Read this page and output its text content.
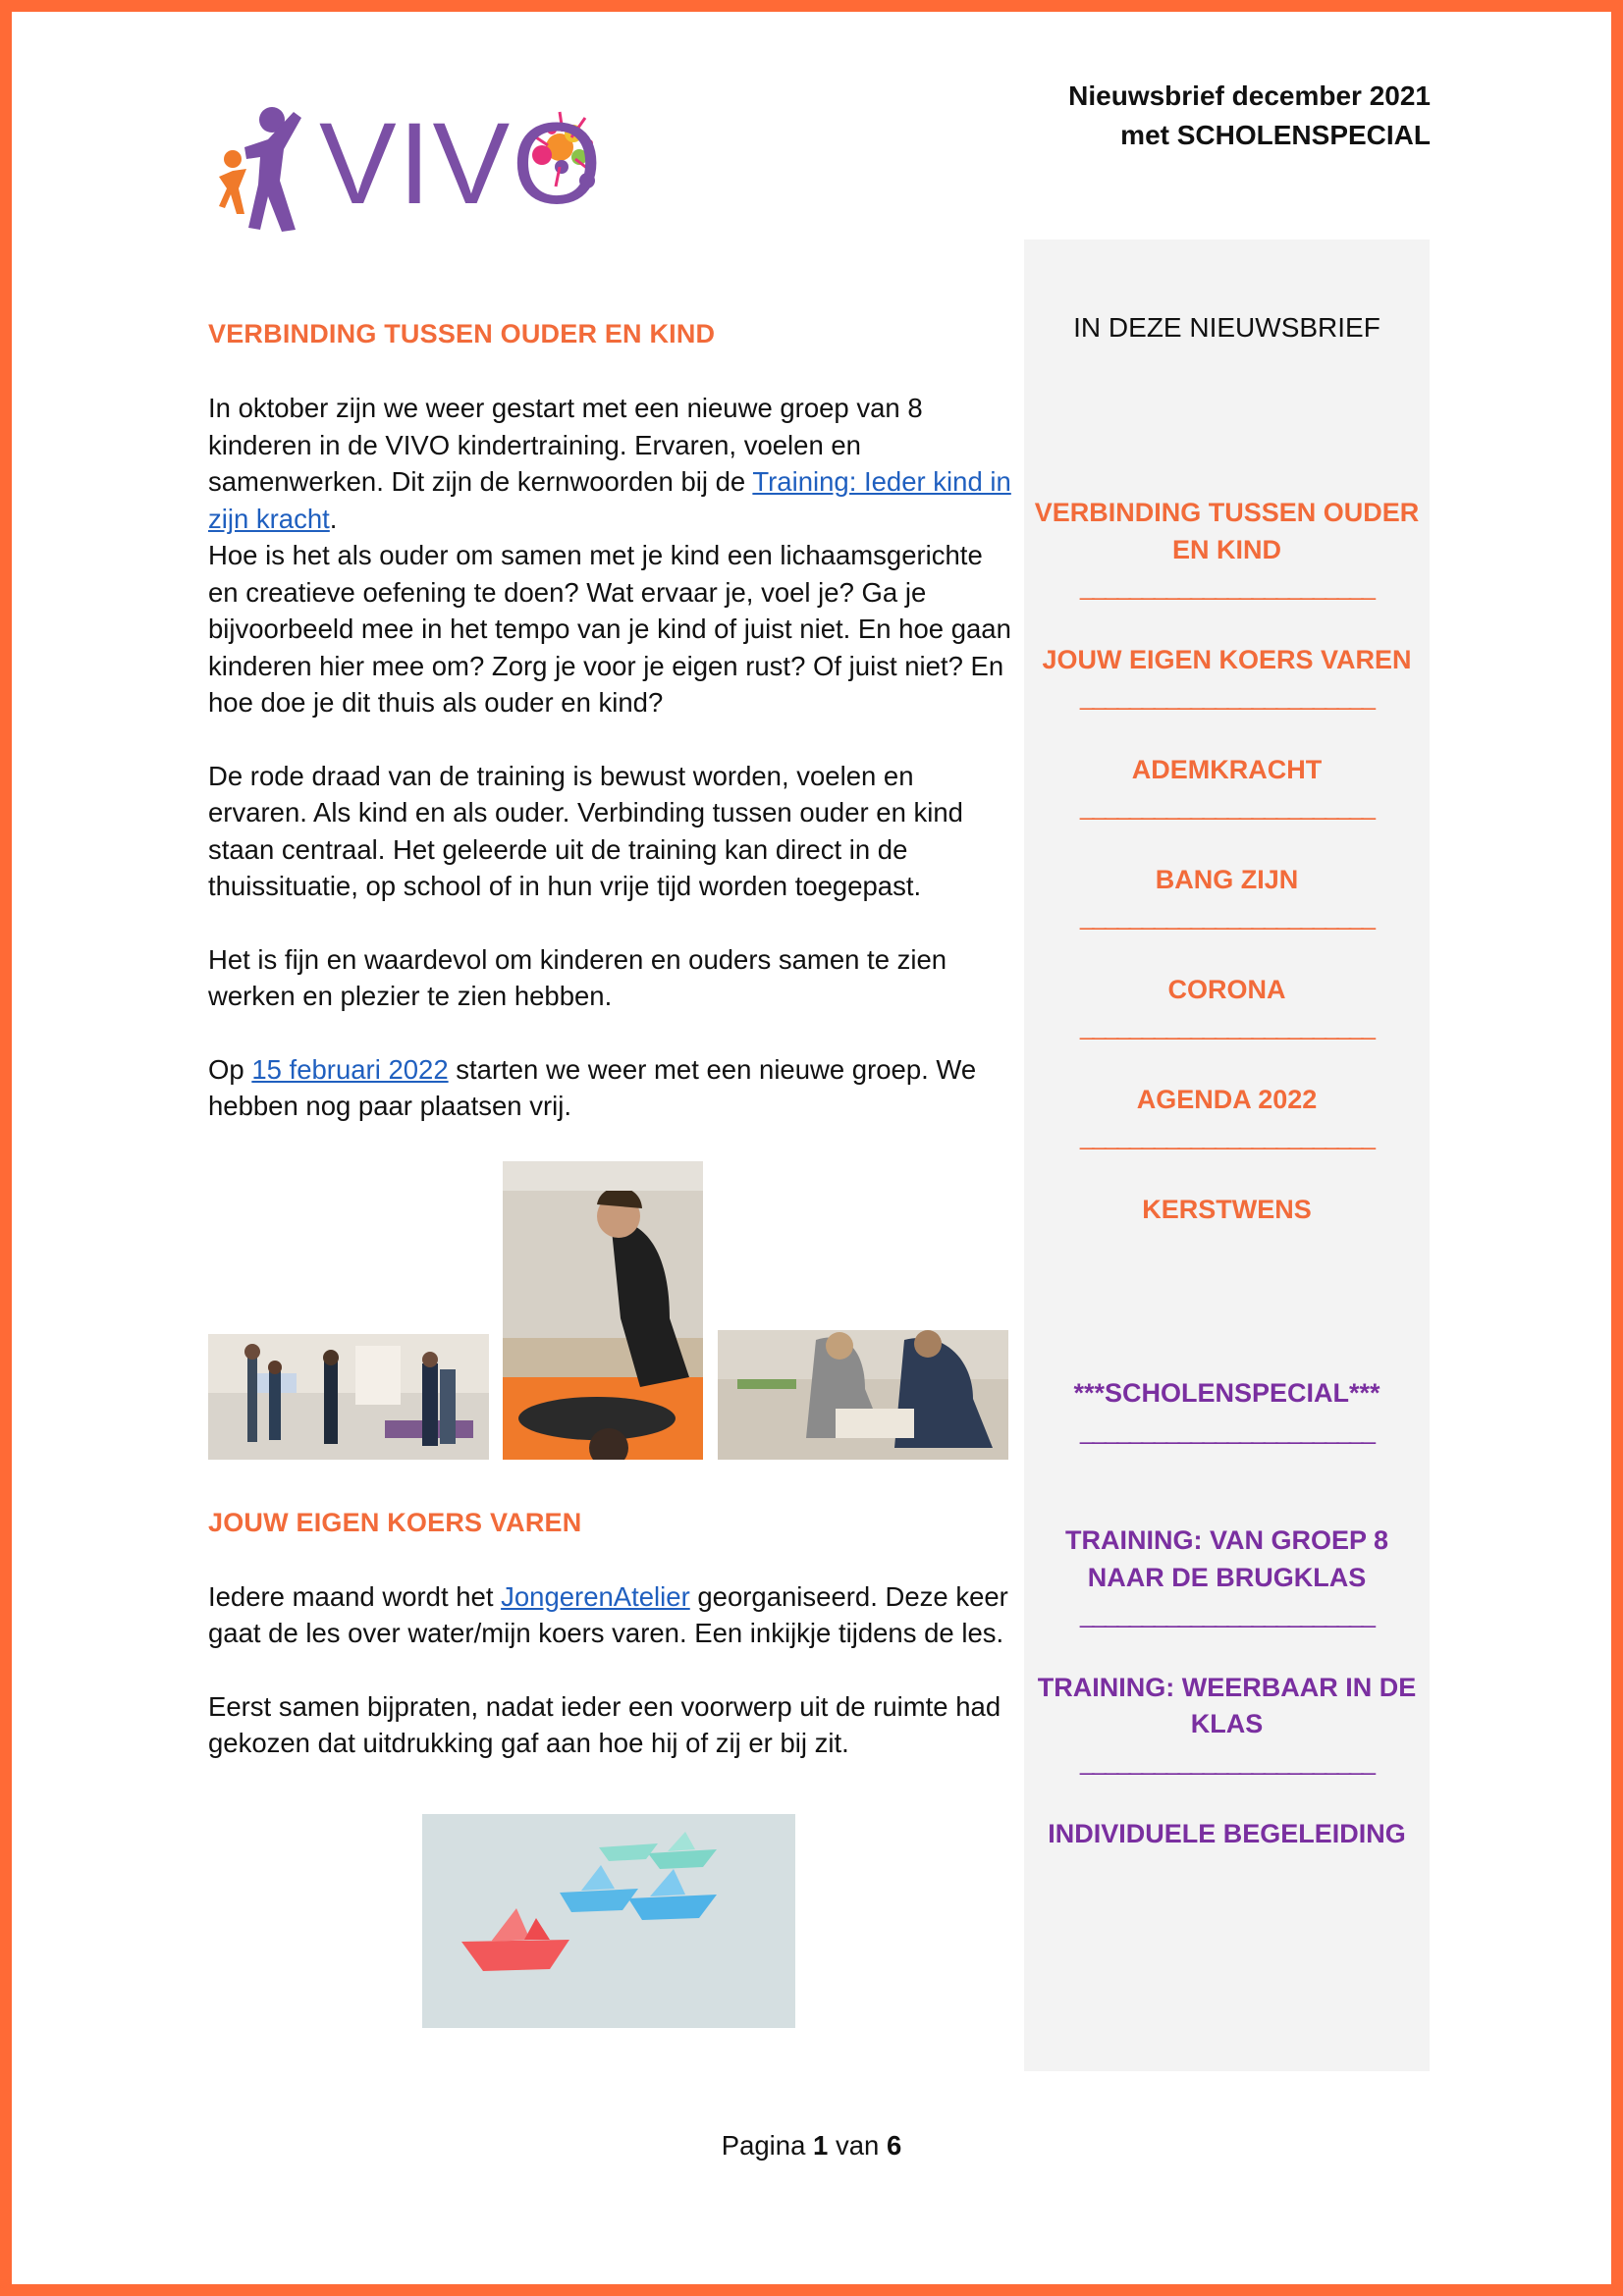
VIVO
Nieuwsbrief december 2021
met SCHOLENSPECIAL
VERBINDING TUSSEN OUDER EN KIND

In oktober zijn we weer gestart met een nieuwe groep van 8 kinderen in de VIVO kindertraining. Ervaren, voelen en samenwerken. Dit zijn de kernwoorden bij de Training: Ieder kind in zijn kracht.

Hoe is het als ouder om samen met je kind een lichaamsgerichte en creatieve oefening te doen? Wat ervaar je, voel je? Ga je bijvoorbeeld mee in het tempo van je kind of juist niet. En hoe gaan kinderen hier mee om? Zorg je voor je eigen rust? Of juist niet? En hoe doe je dit thuis als ouder en kind?

De rode draad van de training is bewust worden, voelen en ervaren. Als kind en als ouder. Verbinding tussen ouder en kind staan centraal. Het geleerde uit de training kan direct in de thuissituatie, op school of in hun vrije tijd worden toegepast.

Het is fijn en waardevol om kinderen en ouders samen te zien werken en plezier te zien hebben.

Op 15 februari 2022 starten we weer met een nieuwe groep. We hebben nog paar plaatsen vrij.

JOUW EIGEN KOERS VAREN

Iedere maand wordt het JongerenAtelier georganiseerd. Deze keer gaat de les over water/mijn koers varen. Een inkijkje tijdens de les.

Eerst samen bijpraten, nadat ieder een voorwerp uit de ruimte had gekozen dat uitdrukking gaf aan hoe hij of zij er bij zit.

IN DEZE NIEUWSBRIEF
VERBINDING TUSSEN OUDER EN KIND
________________________
JOUW EIGEN KOERS VAREN
________________________
ADEMKRACHT
________________________
BANG ZIJN
________________________
CORONA
________________________
AGENDA 2022
________________________
KERSTWENS
***SCHOLENSPECIAL***
________________________
TRAINING: VAN GROEP 8 NAAR DE BRUGKLAS
________________________
TRAINING: WEERBAAR IN DE KLAS
________________________
INDIVIDUELE BEGELEIDING
Pagina 1 van 6
